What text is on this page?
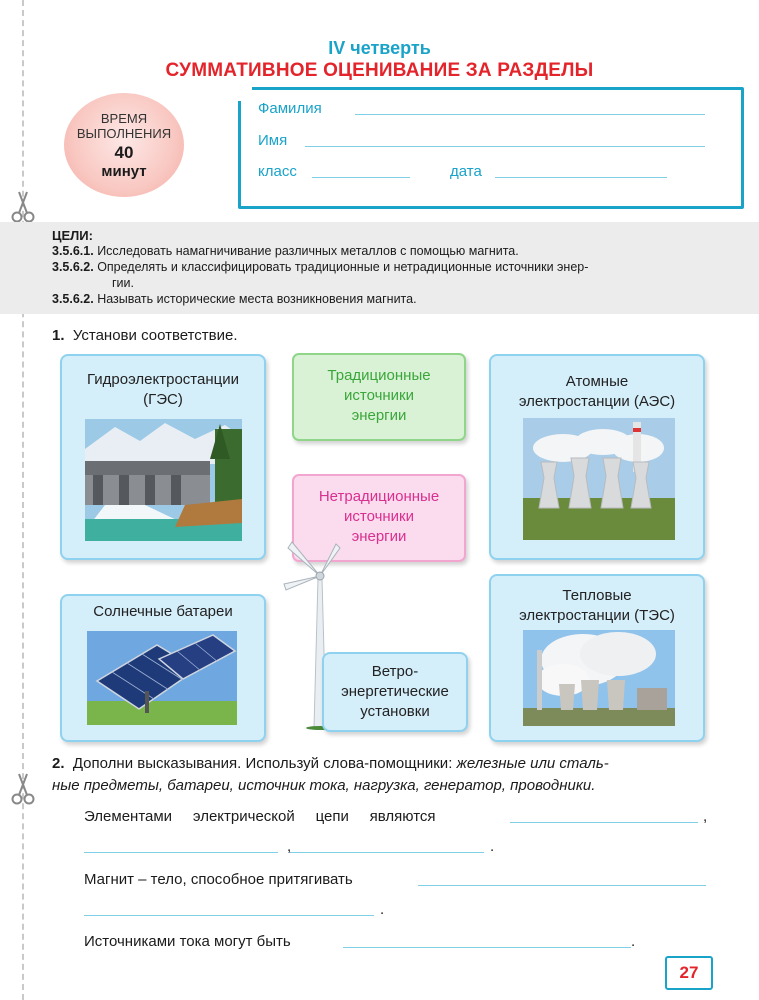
IV четверть
СУММАТИВНОЕ ОЦЕНИВАНИЕ ЗА РАЗДЕЛЫ
ВРЕМЯ
ВЫПОЛНЕНИЯ
40
минут
Фамилия
Имя
класс	дата
ЦЕЛИ:
3.5.6.1. Исследовать намагничивание различных металлов с помощью магнита.
3.5.6.2. Определять и классифицировать традиционные и нетрадиционные источники энер-
гии.
3.5.6.2. Называть исторические места возникновения магнита.
1. Установи соответствие.
Гидроэлектростанции
(ГЭС)
Традиционные
источники
энергии
Нетрадиционные
источники
энергии
Атомные
электростанции (АЭС)
Солнечные батареи
Тепловые
электростанции (ТЭС)
Ветро-
энергетические
установки
2. Дополни высказывания. Используй слова-помощники: железные или сталь-
ные предметы, батареи, источник тока, нагрузка, генератор, проводники.
Элементами     электрической     цепи     являются	,
,	.
Магнит – тело, способное притягивать
.
Источниками тока могут быть	.
27
